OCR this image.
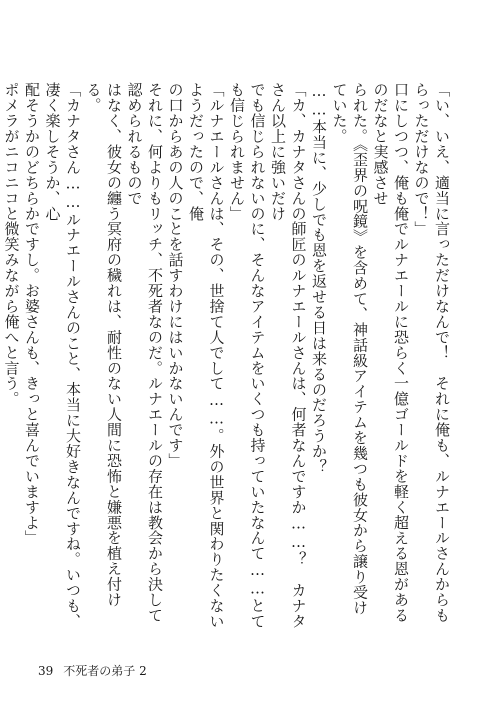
「い、いえ、適当に言っただけなんで！　それに俺も、ルナエールさんからもらっただけなので！」

口にしつつ、俺も俺でルナエールに恐らく一億ゴールドを軽く超える恩があるのだなと実感させ

られた。《歪界の呪鏡》を含めて、神話級アイテムを幾つも彼女から譲り受けていた。

……本当に、少しでも恩を返せる日は来るのだろうか？

「カ、カナタさんの師匠のルナエールさんは、何者なんですか……？　カナタさん以上に強いだけ

でも信じられないのに、そんなアイテムをいくつも持っていたなんて……とても信じられません」

「ルナエールさんは、その、世捨て人でして……。外の世界と関わりたくないようだったので、俺

の口からあの人のことを話すわけにはいかないんです」

それに、何よりもリッチ、不死者なのだ。ルナエールの存在は教会から決して認められるもので

はなく、彼女の纏う冥府の穢れは、耐性のない人間に恐怖と嫌悪を植え付ける。

「カナタさん……ルナエールさんのこと、本当に大好きなんですね。いつも、凄く楽しそうか、心

配そうかのどちらかですし。お婆さんも、きっと喜んでいますよ」

ポメラがニコニコと微笑みながら俺へと言う。

39 不死者の弟子 2
